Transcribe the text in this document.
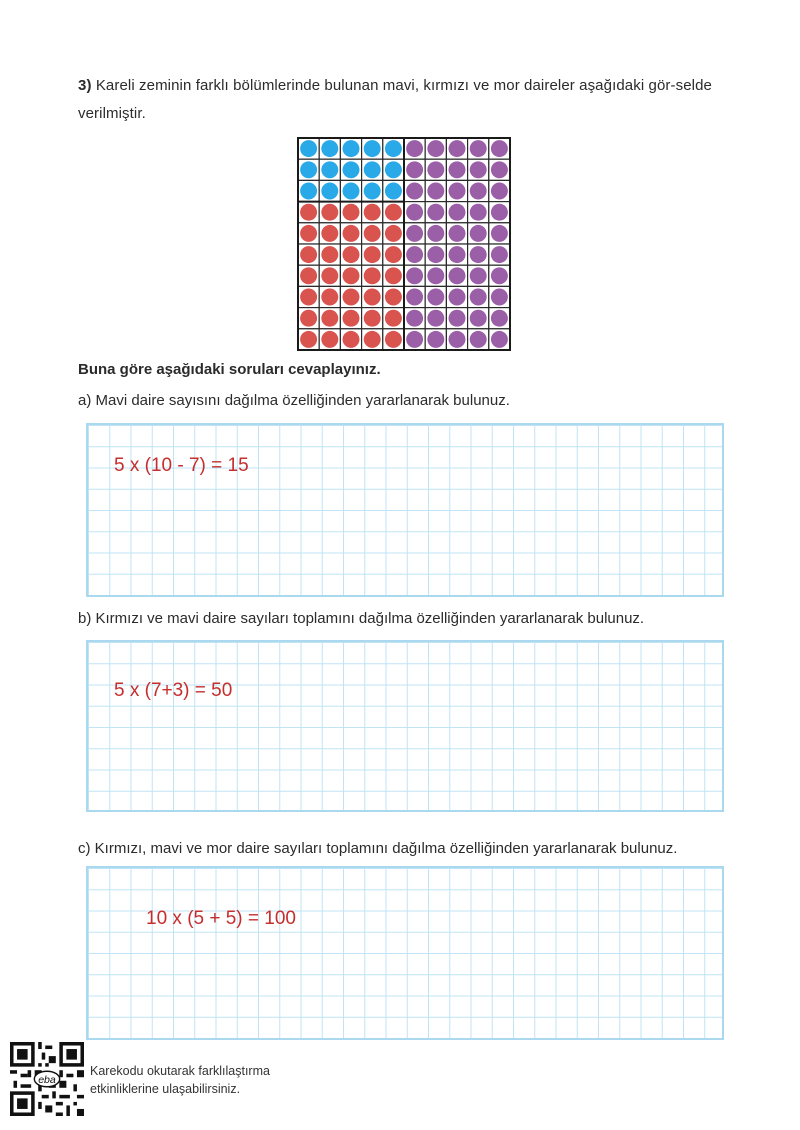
3) Kareli zeminin farklı bölümlerinde bulunan mavi, kırmızı ve mor daireler aşağıdaki gör-selde verilmiştir.
Buna göre aşağıdaki soruları cevaplayınız.
a) Mavi daire sayısını dağılma özelliğinden yararlanarak bulunuz.
5 x (10 - 7) = 15
b) Kırmızı ve mavi daire sayıları toplamını dağılma özelliğinden yararlanarak bulunuz.
5 x (7+3) = 50
c) Kırmızı, mavi ve mor daire sayıları toplamını dağılma özelliğinden yararlanarak bulunuz.
10 x (5 + 5) = 100
eba
Karekodu okutarak farklılaştırma
etkinliklerine ulaşabilirsiniz.
